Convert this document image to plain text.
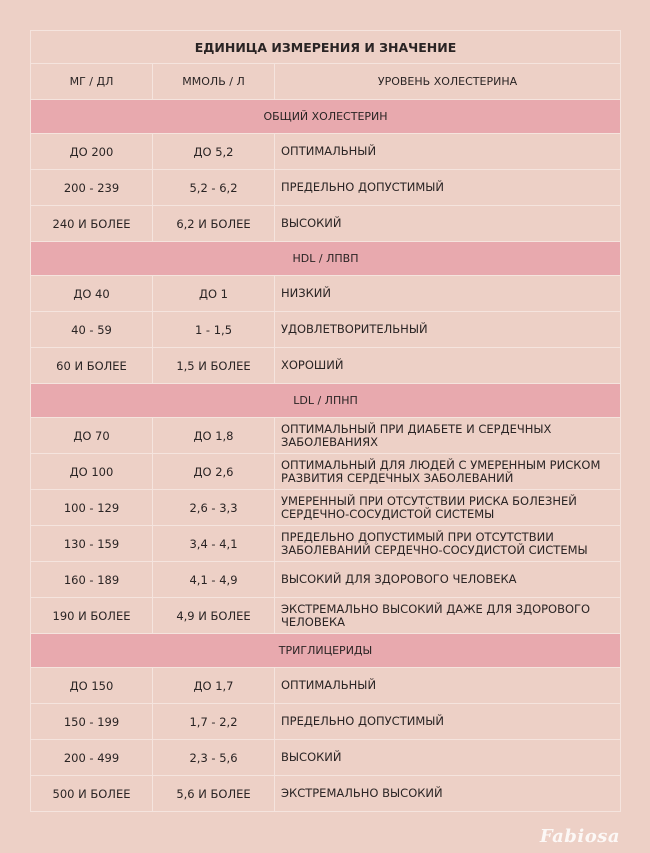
ЕДИНИЦА ИЗМЕРЕНИЯ И ЗНАЧЕНИЕ		
МГ / ДЛ	ММОЛЬ / Л	УРОВЕНЬ ХОЛЕСТЕРИНА
ОБЩИЙ ХОЛЕСТЕРИН		
ДО 200	ДО 5,2	ОПТИМАЛЬНЫЙ
200 - 239	5,2 - 6,2	ПРЕДЕЛЬНО ДОПУСТИМЫЙ
240 И БОЛЕЕ	6,2 И БОЛЕЕ	ВЫСОКИЙ
HDL / ЛПВП		
ДО 40	ДО 1	НИЗКИЙ
40 - 59	1 - 1,5	УДОВЛЕТВОРИТЕЛЬНЫЙ
60 И БОЛЕЕ	1,5 И БОЛЕЕ	ХОРОШИЙ
LDL / ЛПНП		
ДО 70	ДО 1,8	ОПТИМАЛЬНЫЙ ПРИ ДИАБЕТЕ И СЕРДЕЧНЫХ ЗАБОЛЕВАНИЯХ
ДО 100	ДО 2,6	ОПТИМАЛЬНЫЙ ДЛЯ ЛЮДЕЙ С УМЕРЕННЫМ РИСКОМ РАЗВИТИЯ СЕРДЕЧНЫХ ЗАБОЛЕВАНИЙ
100 - 129	2,6 - 3,3	УМЕРЕННЫЙ ПРИ ОТСУТСТВИИ РИСКА БОЛЕЗНЕЙ СЕРДЕЧНО-СОСУДИСТОЙ СИСТЕМЫ
130 - 159	3,4 - 4,1	ПРЕДЕЛЬНО ДОПУСТИМЫЙ ПРИ ОТСУТСТВИИ ЗАБОЛЕВАНИЙ СЕРДЕЧНО-СОСУДИСТОЙ СИСТЕМЫ
160 - 189	4,1 - 4,9	ВЫСОКИЙ ДЛЯ ЗДОРОВОГО ЧЕЛОВЕКА
190 И БОЛЕЕ	4,9 И БОЛЕЕ	ЭКСТРЕМАЛЬНО ВЫСОКИЙ ДАЖЕ ДЛЯ ЗДОРОВОГО ЧЕЛОВЕКА
ТРИГЛИЦЕРИДЫ		
ДО 150	ДО 1,7	ОПТИМАЛЬНЫЙ
150 - 199	1,7 - 2,2	ПРЕДЕЛЬНО ДОПУСТИМЫЙ
200 - 499	2,3 - 5,6	ВЫСОКИЙ
500 И БОЛЕЕ	5,6 И БОЛЕЕ	ЭКСТРЕМАЛЬНО ВЫСОКИЙ
Fabiosa
